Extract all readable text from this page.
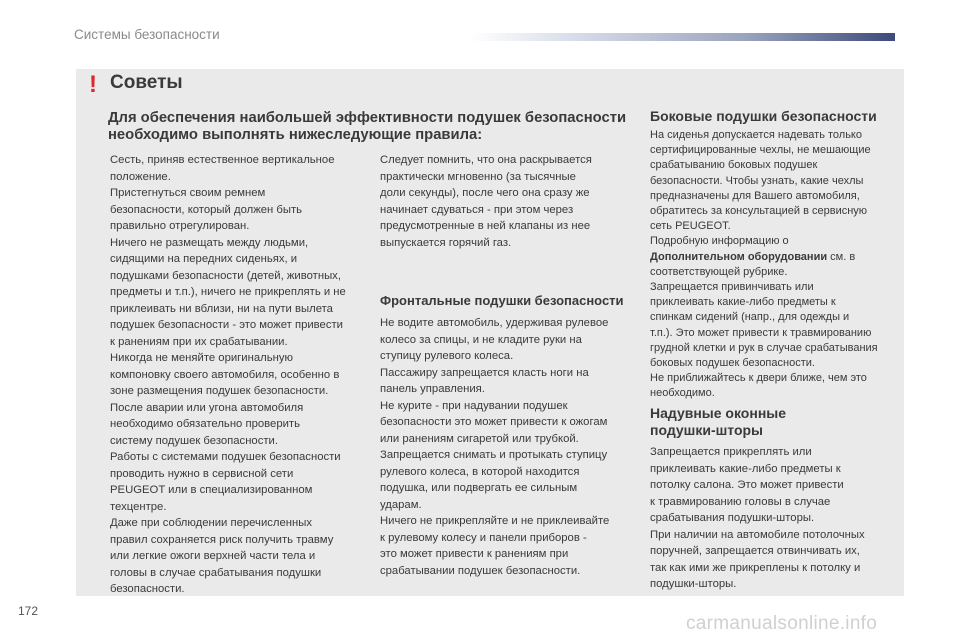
Системы безопасности
! Советы
Для обеспечения наибольшей эффективности подушек безопасности необходимо выполнять нижеследующие правила:

Сесть, приняв естественное вертикальное

положение.

Пристегнуться своим ремнем

безопасности, который должен быть

правильно отрегулирован.

Ничего не размещать между людьми,

сидящими на передних сиденьях, и

подушками безопасности (детей, животных,

предметы и т.п.), ничего не прикреплять и не

приклеивать ни вблизи, ни на пути вылета

подушек безопасности - это может привести

к ранениям при их срабатывании.

Никогда не меняйте оригинальную

компоновку своего автомобиля, особенно в

зоне размещения подушек безопасности.

После аварии или угона автомобиля

необходимо обязательно проверить

систему подушек безопасности.

Работы с системами подушек безопасности

проводить нужно в сервисной сети

PEUGEOT или в специализированном

техцентре.

Даже при соблюдении перечисленных

правил сохраняется риск получить травму

или легкие ожоги верхней части тела и

головы в случае срабатывания подушки

безопасности.

Следует помнить, что она раскрывается

практически мгновенно (за тысячные

доли секунды), после чего она сразу же

начинает сдуваться - при этом через

предусмотренные в ней клапаны из нее

выпускается горячий газ.

Фронтальные подушки безопасности

Не водите автомобиль, удерживая рулевое

колесо за спицы, и не кладите руки на

ступицу рулевого колеса.

Пассажиру запрещается класть ноги на

панель управления.

Не курите - при надувании подушек

безопасности это может привести к ожогам

или ранениям сигаретой или трубкой.

Запрещается снимать и протыкать ступицу

рулевого колеса, в которой находится

подушка, или подвергать ее сильным

ударам.

Ничего не прикрепляйте и не приклеивайте

к рулевому колесу и панели приборов -

это может привести к ранениям при

срабатывании подушек безопасности.

Боковые подушки безопасности

На сиденья допускается надевать только

сертифицированные чехлы, не мешающие

срабатыванию боковых подушек

безопасности. Чтобы узнать, какие чехлы

предназначены для Вашего автомобиля,

обратитесь за консультацией в сервисную

сеть PEUGEOT.

Подробную информацию о

Дополнительном оборудовании см. в

соответствующей рубрике.

Запрещается привинчивать или

приклеивать какие-либо предметы к

спинкам сидений (напр., для одежды и

т.п.). Это может привести к травмированию

грудной клетки и рук в случае срабатывания

боковых подушек безопасности.

Не приближайтесь к двери ближе, чем это

необходимо.

Надувные оконные
подушки-шторы

Запрещается прикреплять или

приклеивать какие-либо предметы к

потолку салона. Это может привести

к травмированию головы в случае

срабатывания подушки-шторы.

При наличии на автомобиле потолочных

поручней, запрещается отвинчивать их,

так как ими же прикреплены к потолку и

подушки-шторы.

172
carmanualsonline.info
